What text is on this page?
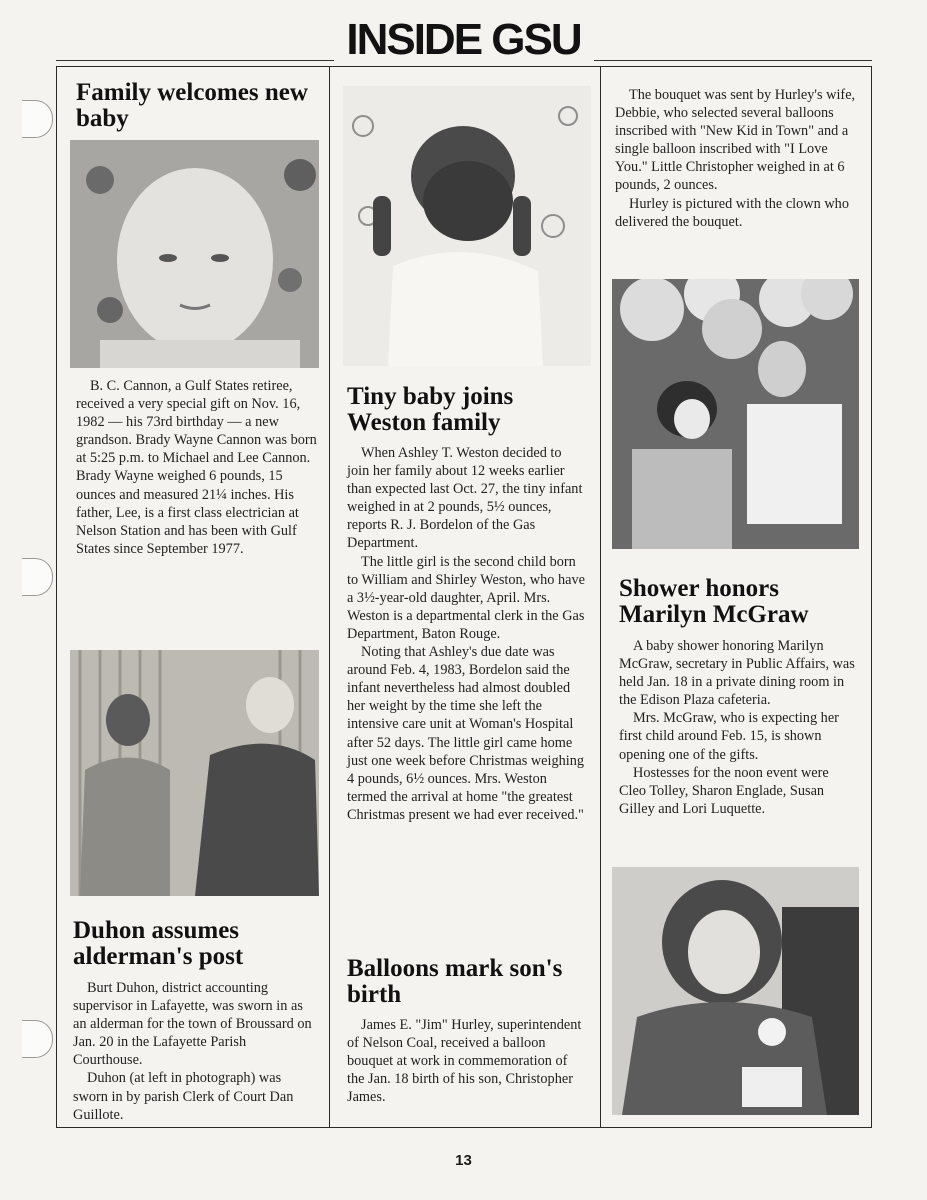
INSIDE GSU
Family welcomes new baby

B. C. Cannon, a Gulf States retiree, received a very special gift on Nov. 16, 1982 — his 73rd birthday — a new grandson. Brady Wayne Cannon was born at 5:25 p.m. to Michael and Lee Cannon. Brady Wayne weighed 6 pounds, 15 ounces and measured 21¼ inches. His father, Lee, is a first class electrician at Nelson Station and has been with Gulf States since September 1977.

Duhon assumes alderman's post

Burt Duhon, district accounting supervisor in Lafayette, was sworn in as an alderman for the town of Broussard on Jan. 20 in the Lafayette Parish Courthouse.

Duhon (at left in photograph) was sworn in by parish Clerk of Court Dan Guillote.

Tiny baby joins Weston family

When Ashley T. Weston decided to join her family about 12 weeks earlier than expected last Oct. 27, the tiny infant weighed in at 2 pounds, 5½ ounces, reports R. J. Bordelon of the Gas Department.

The little girl is the second child born to William and Shirley Weston, who have a 3½-year-old daughter, April. Mrs. Weston is a departmental clerk in the Gas Department, Baton Rouge.

Noting that Ashley's due date was around Feb. 4, 1983, Bordelon said the infant nevertheless had almost doubled her weight by the time she left the intensive care unit at Woman's Hospital after 52 days. The little girl came home just one week before Christmas weighing 4 pounds, 6½ ounces. Mrs. Weston termed the arrival at home "the greatest Christmas present we had ever received."

Balloons mark son's birth

James E. "Jim" Hurley, superintendent of Nelson Coal, received a balloon bouquet at work in commemoration of the Jan. 18 birth of his son, Christopher James.

The bouquet was sent by Hurley's wife, Debbie, who selected several balloons inscribed with "New Kid in Town" and a single balloon inscribed with "I Love You." Little Christopher weighed in at 6 pounds, 2 ounces.

Hurley is pictured with the clown who delivered the bouquet.

Shower honors Marilyn McGraw

A baby shower honoring Marilyn McGraw, secretary in Public Affairs, was held Jan. 18 in a private dining room in the Edison Plaza cafeteria.

Mrs. McGraw, who is expecting her first child around Feb. 15, is shown opening one of the gifts.

Hostesses for the noon event were Cleo Tolley, Sharon Englade, Susan Gilley and Lori Luquette.

13
